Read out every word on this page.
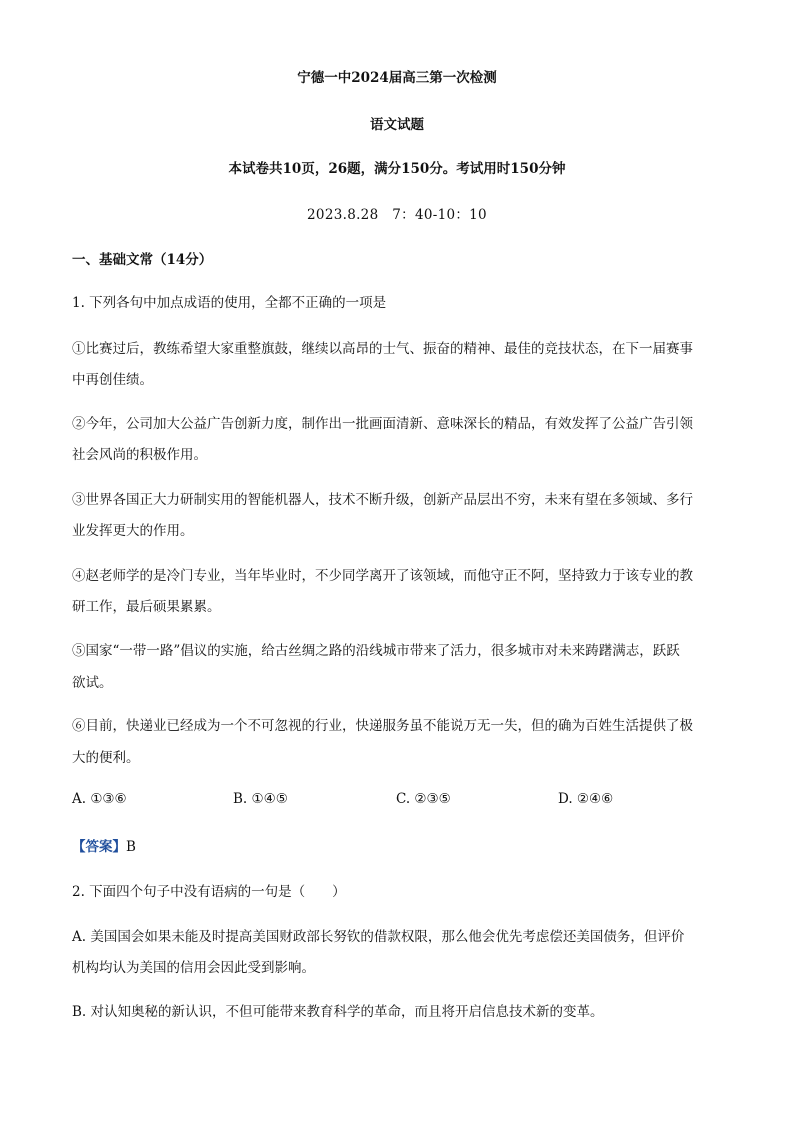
宁德一中2024届高三第一次检测
语文试题
本试卷共10页，26题，满分150分。考试用时150分钟
2023.8.28　7：40-10：10
一、基础文常（14分）
1. 下列各句中加点成语的使用，全都不正确的一项是
①比赛过后，教练希望大家重整旗鼓，继续以高昂的士气、振奋的精神、最佳的竞技状态，在下一届赛事
中再创佳绩。
②今年，公司加大公益广告创新力度，制作出一批画面清新、意味深长的精品，有效发挥了公益广告引领
社会风尚的积极作用。
③世界各国正大力研制实用的智能机器人，技术不断升级，创新产品层出不穷，未来有望在多领域、多行
业发挥更大的作用。
④赵老师学的是冷门专业，当年毕业时，不少同学离开了该领域，而他守正不阿，坚持致力于该专业的教
研工作，最后硕果累累。
⑤国家“一带一路”倡议的实施，给古丝绸之路的沿线城市带来了活力，很多城市对未来踌躇满志，跃跃
欲试。
⑥目前，快递业已经成为一个不可忽视的行业，快递服务虽不能说万无一失，但的确为百姓生活提供了极
大的便利。
A. ①③⑥	B. ①④⑤	C. ②③⑤	D. ②④⑥
【答案】B
2. 下面四个句子中没有语病的一句是（　　）
A. 美国国会如果未能及时提高美国财政部长努钦的借款权限，那么他会优先考虑偿还美国债务，但评价
机构均认为美国的信用会因此受到影响。
B. 对认知奥秘的新认识，不但可能带来教育科学的革命，而且将开启信息技术新的变革。
